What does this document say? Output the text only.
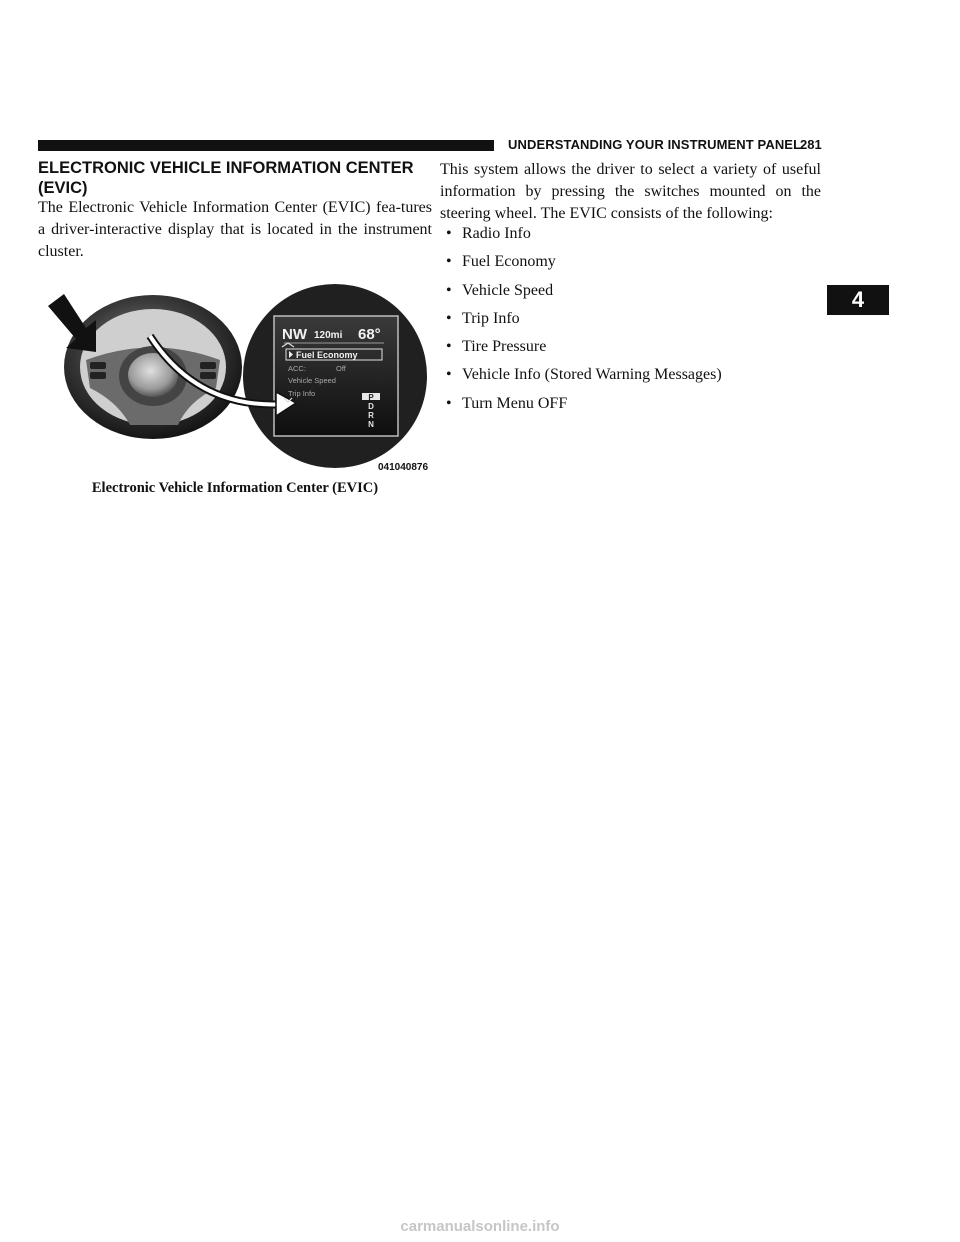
UNDERSTANDING YOUR INSTRUMENT PANEL
281
4
ELECTRONIC VEHICLE INFORMATION CENTER (EVIC)
The Electronic Vehicle Information Center (EVIC) fea-tures a driver-interactive display that is located in the instrument cluster.
NW 120mi 68°
Fuel Economy
ACC:	Off
Vehicle Speed
Trip Info	P
D
R
N
041040876
Electronic Vehicle Information Center (EVIC)
This system allows the driver to select a variety of useful information by pressing the switches mounted on the steering wheel. The EVIC consists of the following:
• Radio Info
• Fuel Economy
• Vehicle Speed
• Trip Info
• Tire Pressure
• Vehicle Info (Stored Warning Messages)
• Turn Menu OFF
carmanualsonline.info
